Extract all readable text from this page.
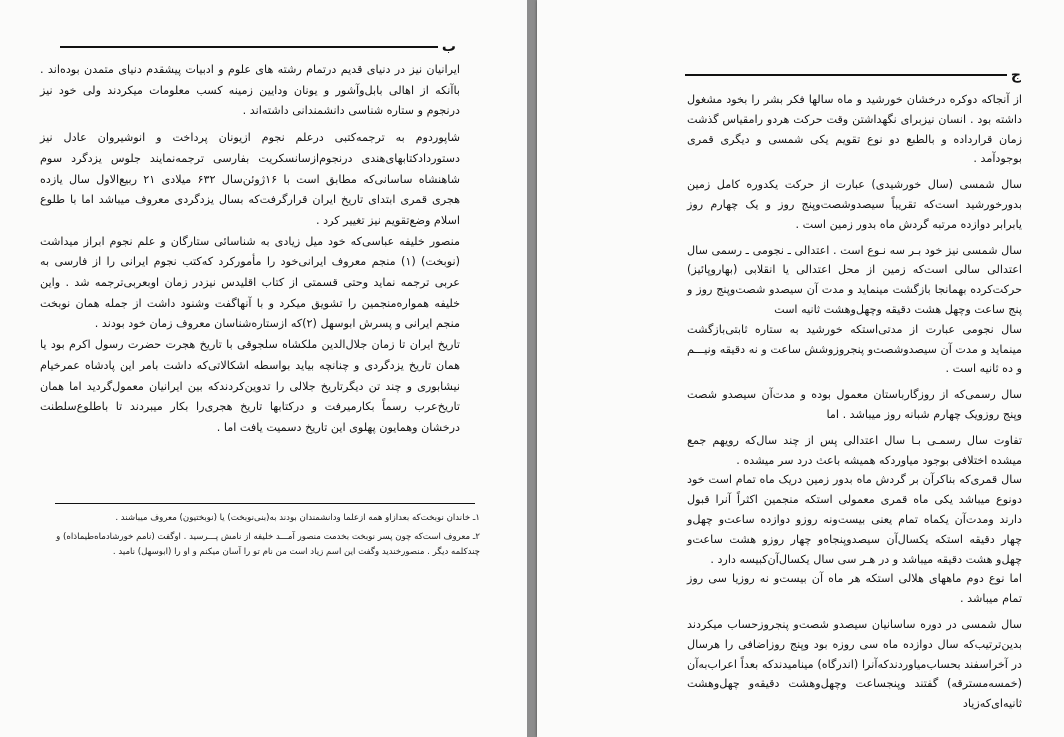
ب

ایرانیان نیز در دنیای قدیم درتمام رشته های علوم و ادبیات پیشقدم دنیای متمدن بوده‌اند . باآنکه از اهالی بابل‌وآشور و یونان ودایین زمینه کسب معلومات میکردند ولی خود نیز درنجوم و ستاره شناسی دانشمندانی داشته‌اند .

شاپوردوم به ترجمه‌کتبی درعلم نجوم ازیونان پرداخت و انوشیروان عادل نیز دستورداد‌کتابهای‌هندی درنجوم‌ازسانسکریت بفارسی ترجمه‌نمایند جلوس یزدگرد سوم شاهنشاه ساسانی‌که مطابق است با ۱۶ژوئن‌سال ۶۳۲ میلادی ۲۱ ربیع‌الاول سال یازده هجری قمری ابتدای تاریخ ایران قرار‌گرفت‌که بسال یزدگردی معروف میباشد اما با طلوع اسلام وضع‌تقویم نیز تغییر کرد .

منصور خلیفه عباسی‌که خود میل زیادی به شناسائی ستارگان و علم نجوم ابراز میداشت (نوبخت) (۱) منجم معروف ایرانی‌خود را مأمورکرد که‌کتب نجوم ایرانی را از فارسی به عربی ترجمه نماید وحتی قسمتی از کتاب اقلیدس نیزدر زمان اوبعربی‌ترجمه شد . واین خلیفه همواره‌منجمین را تشویق میکرد و با آنهاگفت وشنود داشت از جمله همان نوبخت منجم ایرانی و پسرش ابوسهل (۲)که ازستاره‌شناسان معروف زمان خود بودند .

تاریخ ایران تا زمان جلال‌الدین ملکشاه سلجوقی با تاریخ هجرت حضرت رسول اکرم بود یا همان تاریخ یزدگردی و چنانچه بیاید بواسطه اشکالاتی‌که داشت بامر این پادشاه عمرخیام نیشابوری و چند تن دیگرتاریخ جلالی را تدوین‌کردندکه بین ایرانیان معمول‌گردید اما همان تاریخ‌عرب رسماً بکارمیرفت و درکتابها تاریخ هجری‌را بکار میبردند تا باطلوع‌سلطنت درخشان وهمایون پهلوی این تاریخ دسمیت یافت اما .

۱ـ خاندان نوبخت‌که بعدازاو همه ازعلما ودانشمندان بودند به(بنی‌نوبخت) یا (نوبختیون) معروف میباشند .

۲ـ معروف است‌که چون پسر نوبخت بخدمت منصور آمـــد خلیفه از نامش پـــرسید . اوگفت (نامم خورشادماه‌طیماذاه) و چندکلمه دیگر . منصورخندید وگفت این اسم زیاد است من نام تو را آسان میکنم و او را (ابوسهل) نامید .

ج

از آنجاکه دوکره درخشان خورشید و ماه سالها فکر بشر را بخود مشغول داشته بود . انسان نیزبرای نگهداشتن وقت حرکت هردو رامقیاس گذشت زمان قرارداده و بالطبع دو نوع تقویم یکی شمسی و دیگری قمری بوجودآمد .

سال شمسی (سال خورشیدی) عبارت از حرکت یکدوره کامل زمین بدورخورشید است‌که تقریباً سیصدوشصت‌وپنج روز و یک چهارم روز یابرابر دوازده مرتبه گردش ماه بدور زمین است .

سال شمسی نیز خود بـر سه نـوع است . اعتدالی ـ نجومی ـ رسمی سال اعتدالی سالی است‌که زمین از محل اعتدالی یا انقلابی (بهاروپائیز) حرکت‌کرده بهمانجا بازگشت مینماید و مدت آن سیصدو شصت‌وپنج روز و پنج ساعت وچهل هشت دقیقه وچهل‌وهشت ثانیه است

سال نجومی عبارت از مدتی‌استکه خورشید به ستاره ثابتی‌بازگشت مینماید و مدت آن سیصدوشصت‌و پنجروزوشش ساعت و نه دقیقه ونیـــم و ده ثانیه است .

سال رسمی‌که از روزگارباستان معمول بوده و مدت‌آن سیصدو شصت وپنج روزویک چهارم شبانه روز میباشد . اما

تفاوت سال رسمـی بـا سال اعتدالی پس از چند سال‌که رویهم جمع میشده اختلافی بوجود میاوردکه همیشه باعث درد سر میشده .

سال قمری‌که بناکرآن بر گردش ماه بدور زمین دریک ماه تمام است خود دونوع میباشد یکی ماه قمری معمولی استکه منجمین اکثراً آنرا قبول دارند ومدت‌آن یکماه تمام یعنی بیست‌ونه روزو دوازده ساعت‌و چهل‌و چهار دقیقه استکه یکسال‌آن سیصدوپنجاه‌و چهار روزو هشت ساعت‌و چهل‌و هشت دقیقه میباشد و در هـر سی سال یکسال‌آن‌کبیسه دارد .

اما نوع دوم ماههای هلالی استکه هر ماه آن بیست‌و نه روزیا سی روز تمام میباشد .

سال شمسی در دوره ساسانیان سیصدو شصت‌و پنجروزحساب میکردند بدین‌ترتیب‌که سال دوازده ماه سی روزه بود وپنج روزاضافی را هرسال در آخراسفند بحساب‌میاوردندکه‌آنرا (اندرگاه) مینامیدندکه بعداً اعراب‌به‌آن (خمسه‌مسترقه) گفتند وپنجساعت وچهل‌وهشت دقیقه‌و چهل‌وهشت ثانیه‌ای‌که‌زیاد
